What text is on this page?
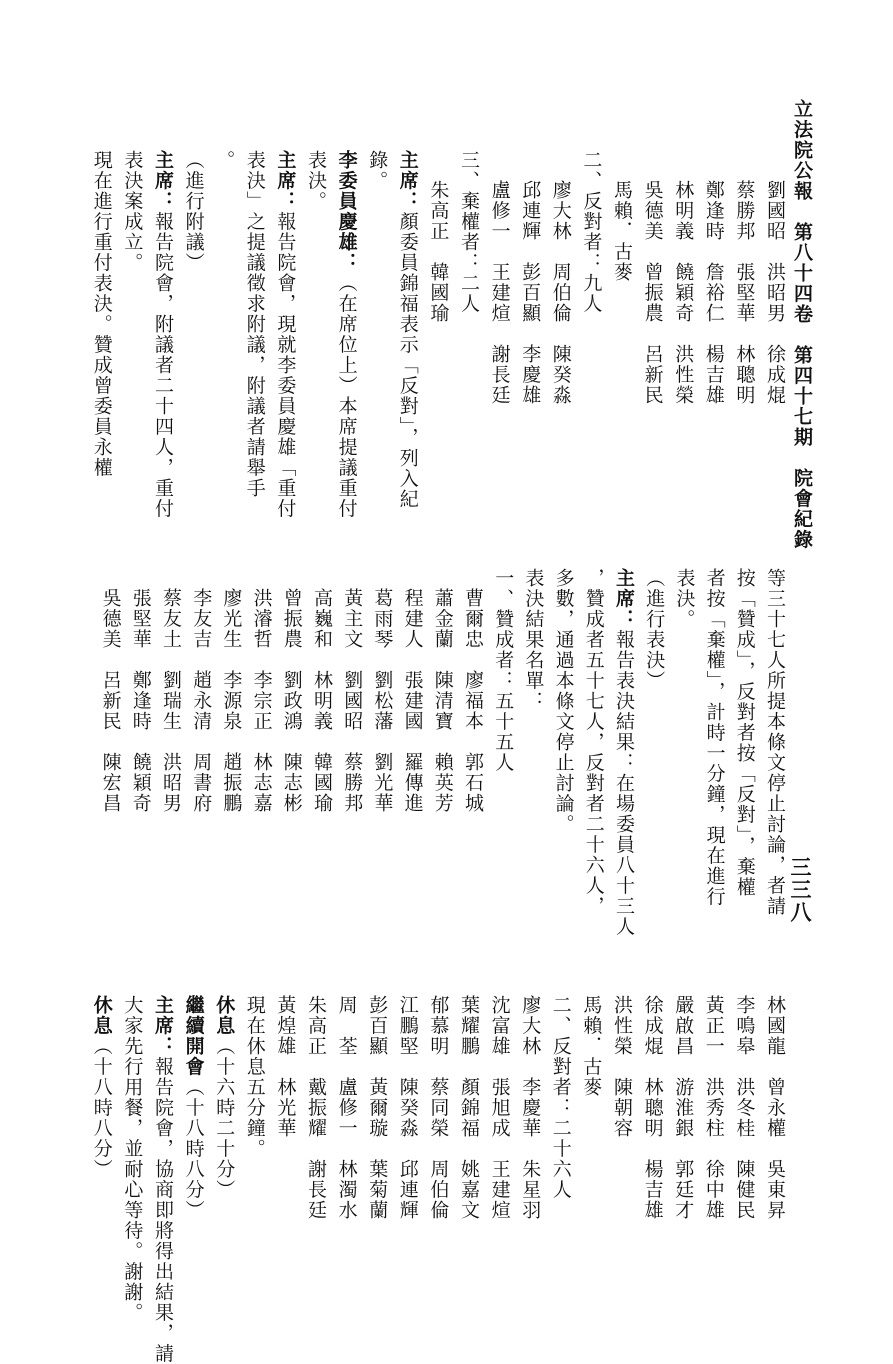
立法院公報　第八十四卷　第四十七期　院會紀錄

三三八
劉國昭　洪昭男　徐成焜
蔡勝邦　張堅華　林聰明
鄭逢時　詹裕仁　楊吉雄
林明義　饒穎奇　洪性榮
吳德美　曾振農　呂新民
馬賴．古麥
二、反對者：九人
廖大林　周伯倫　陳癸淼
邱連輝　彭百顯　李慶雄
盧修一　王建煊　謝長廷
三、棄權者：二人
朱高正　韓國瑜
主席：顏委員錦福表示「反對」，列入紀
錄。
李委員慶雄：（在席位上）本席提議重付
表決。
主席：報告院會，現就李委員慶雄「重付
表決」之提議徵求附議，附議者請舉手
。
（進行附議）
主席：報告院會，附議者二十四人，重付
表決案成立。
現在進行重付表決。贊成曾委員永權
等三十七人所提本條文停止討論，者請
按「贊成」，反對者按「反對」，棄權
者按「棄權」，計時一分鐘，現在進行
表決。
（進行表決）
主席：報告表決結果：在場委員八十三人
，贊成者五十七人，反對者二十六人，
多數，通過本條文停止討論。
表決結果名單：
一、贊成者：五十五人
曹爾忠　廖福本　郭石城
蕭金蘭　陳清寶　賴英芳
程建人　張建國　羅傳進
葛雨琴　劉松藩　劉光華
黃主文　劉國昭　蔡勝邦
高巍和　林明義　韓國瑜
曾振農　劉政鴻　陳志彬
洪濬哲　李宗正　林志嘉
廖光生　李源泉　趙振鵬
李友吉　趙永清　周書府
蔡友土　劉瑞生　洪昭男
張堅華　鄭逢時　饒穎奇
吳德美　呂新民　陳宏昌
林國龍　曾永權　吳東昇
李鳴皋　洪冬桂　陳健民
黃正一　洪秀柱　徐中雄
嚴啟昌　游淮銀　郭廷才
徐成焜　林聰明　楊吉雄
洪性榮　陳朝容
馬賴．古麥
二、反對者：二十六人
廖大林　李慶華　朱星羽
沈富雄　張旭成　王建煊
葉耀鵬　顏錦福　姚嘉文
郁慕明　蔡同榮　周伯倫
江鵬堅　陳癸淼　邱連輝
彭百顯　黃爾璇　葉菊蘭
周　荃　盧修一　林濁水
朱高正　戴振耀　謝長廷
黃煌雄　林光華
現在休息五分鐘。
休息（十六時二十分）
繼續開會（十八時八分）
主席：報告院會，協商即將得出結果，請
大家先行用餐，並耐心等待。謝謝。
休息（十八時八分）
